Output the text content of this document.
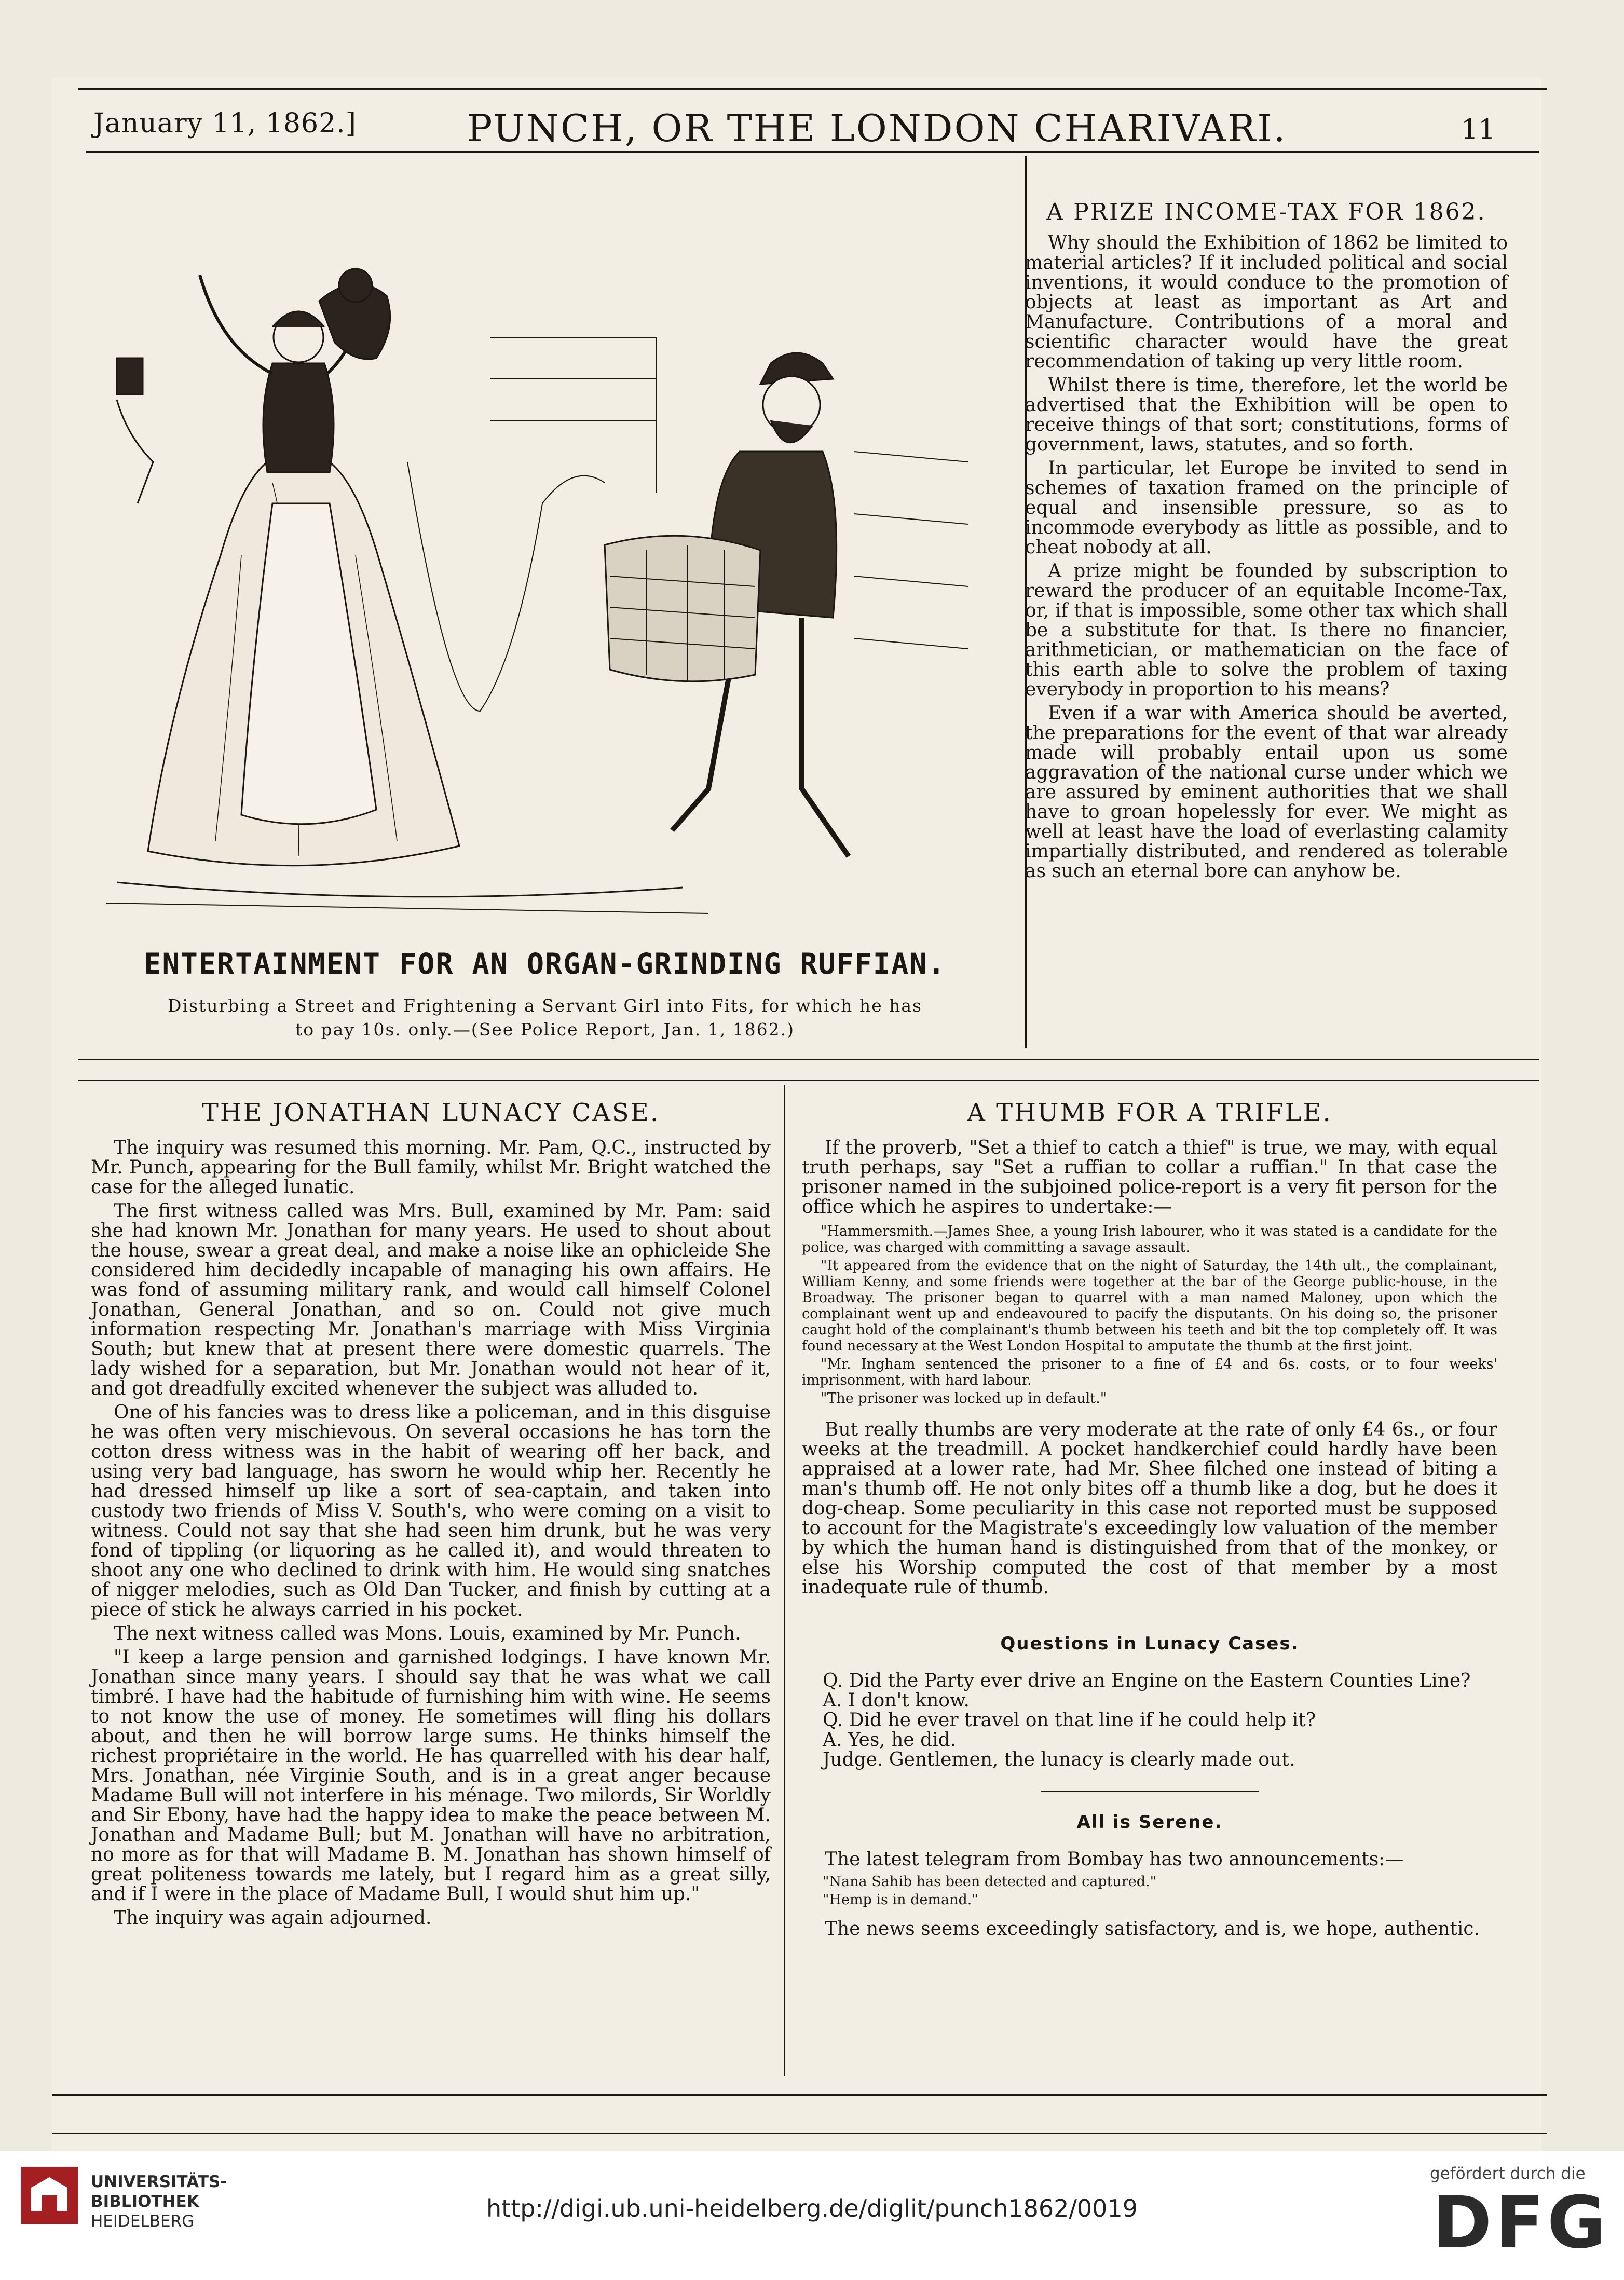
January 11, 1862.]	PUNCH, OR THE LONDON CHARIVARI.	11
ENTERTAINMENT FOR AN ORGAN-GRINDING RUFFIAN.
Disturbing a Street and Frightening a Servant Girl into Fits, for which he has
to pay 10s. only.—(See Police Report, Jan. 1, 1862.)
A PRIZE INCOME-TAX FOR 1862.

Why should the Exhibition of 1862 be limited to material articles? If it included political and social inventions, it would conduce to the promotion of objects at least as important as Art and Manufacture. Contributions of a moral and scientific character would have the great recommendation of taking up very little room.

Whilst there is time, therefore, let the world be advertised that the Exhibition will be open to receive things of that sort; constitutions, forms of government, laws, statutes, and so forth.

In particular, let Europe be invited to send in schemes of taxation framed on the principle of equal and insensible pressure, so as to incommode everybody as little as possible, and to cheat nobody at all.

A prize might be founded by subscription to reward the producer of an equitable Income-Tax, or, if that is impossible, some other tax which shall be a substitute for that. Is there no financier, arithmetician, or mathematician on the face of this earth able to solve the problem of taxing everybody in proportion to his means?

Even if a war with America should be averted, the preparations for the event of that war already made will probably entail upon us some aggravation of the national curse under which we are assured by eminent authorities that we shall have to groan hopelessly for ever. We might as well at least have the load of everlasting calamity impartially distributed, and rendered as tolerable as such an eternal bore can anyhow be.

THE JONATHAN LUNACY CASE.

The inquiry was resumed this morning. Mr. Pam, Q.C., instructed by Mr. Punch, appearing for the Bull family, whilst Mr. Bright watched the case for the alleged lunatic.

The first witness called was Mrs. Bull, examined by Mr. Pam: said she had known Mr. Jonathan for many years. He used to shout about the house, swear a great deal, and make a noise like an ophicleide She considered him decidedly incapable of managing his own affairs. He was fond of assuming military rank, and would call himself Colonel Jonathan, General Jonathan, and so on. Could not give much information respecting Mr. Jonathan's marriage with Miss Virginia South; but knew that at present there were domestic quarrels. The lady wished for a separation, but Mr. Jonathan would not hear of it, and got dreadfully excited whenever the subject was alluded to.

One of his fancies was to dress like a policeman, and in this disguise he was often very mischievous. On several occasions he has torn the cotton dress witness was in the habit of wearing off her back, and using very bad language, has sworn he would whip her. Recently he had dressed himself up like a sort of sea-captain, and taken into custody two friends of Miss V. South's, who were coming on a visit to witness. Could not say that she had seen him drunk, but he was very fond of tippling (or liquoring as he called it), and would threaten to shoot any one who declined to drink with him. He would sing snatches of nigger melodies, such as Old Dan Tucker, and finish by cutting at a piece of stick he always carried in his pocket.

The next witness called was Mons. Louis, examined by Mr. Punch.

"I keep a large pension and garnished lodgings. I have known Mr. Jonathan since many years. I should say that he was what we call timbré. I have had the habitude of furnishing him with wine. He seems to not know the use of money. He sometimes will fling his dollars about, and then he will borrow large sums. He thinks himself the richest propriétaire in the world. He has quarrelled with his dear half, Mrs. Jonathan, née Virginie South, and is in a great anger because Madame Bull will not interfere in his ménage. Two milords, Sir Worldly and Sir Ebony, have had the happy idea to make the peace between M. Jonathan and Madame Bull; but M. Jonathan will have no arbitration, no more as for that will Madame B. M. Jonathan has shown himself of great politeness towards me lately, but I regard him as a great silly, and if I were in the place of Madame Bull, I would shut him up."

The inquiry was again adjourned.

A THUMB FOR A TRIFLE.

If the proverb, "Set a thief to catch a thief" is true, we may, with equal truth perhaps, say "Set a ruffian to collar a ruffian." In that case the prisoner named in the subjoined police-report is a very fit person for the office which he aspires to undertake:—

"Hammersmith.—James Shee, a young Irish labourer, who it was stated is a candidate for the police, was charged with committing a savage assault.

"It appeared from the evidence that on the night of Saturday, the 14th ult., the complainant, William Kenny, and some friends were together at the bar of the George public-house, in the Broadway. The prisoner began to quarrel with a man named Maloney, upon which the complainant went up and endeavoured to pacify the disputants. On his doing so, the prisoner caught hold of the complainant's thumb between his teeth and bit the top completely off. It was found necessary at the West London Hospital to amputate the thumb at the first joint.

"Mr. Ingham sentenced the prisoner to a fine of £4 and 6s. costs, or to four weeks' imprisonment, with hard labour.

"The prisoner was locked up in default."

But really thumbs are very moderate at the rate of only £4 6s., or four weeks at the treadmill. A pocket handkerchief could hardly have been appraised at a lower rate, had Mr. Shee filched one instead of biting a man's thumb off. He not only bites off a thumb like a dog, but he does it dog-cheap. Some peculiarity in this case not reported must be supposed to account for the Magistrate's exceedingly low valuation of the member by which the human hand is distinguished from that of the monkey, or else his Worship computed the cost of that member by a most inadequate rule of thumb.

Questions in Lunacy Cases.

Q. Did the Party ever drive an Engine on the Eastern Counties Line?

A. I don't know.

Q. Did he ever travel on that line if he could help it?

A. Yes, he did.

Judge. Gentlemen, the lunacy is clearly made out.

All is Serene.

The latest telegram from Bombay has two announcements:—

"Nana Sahib has been detected and captured."

"Hemp is in demand."

The news seems exceedingly satisfactory, and is, we hope, authentic.

UNIVERSITÄTS-
BIBLIOTHEK
HEIDELBERG	http://digi.ub.uni-heidelberg.de/diglit/punch1862/0019
gefördert durch die
DFG
